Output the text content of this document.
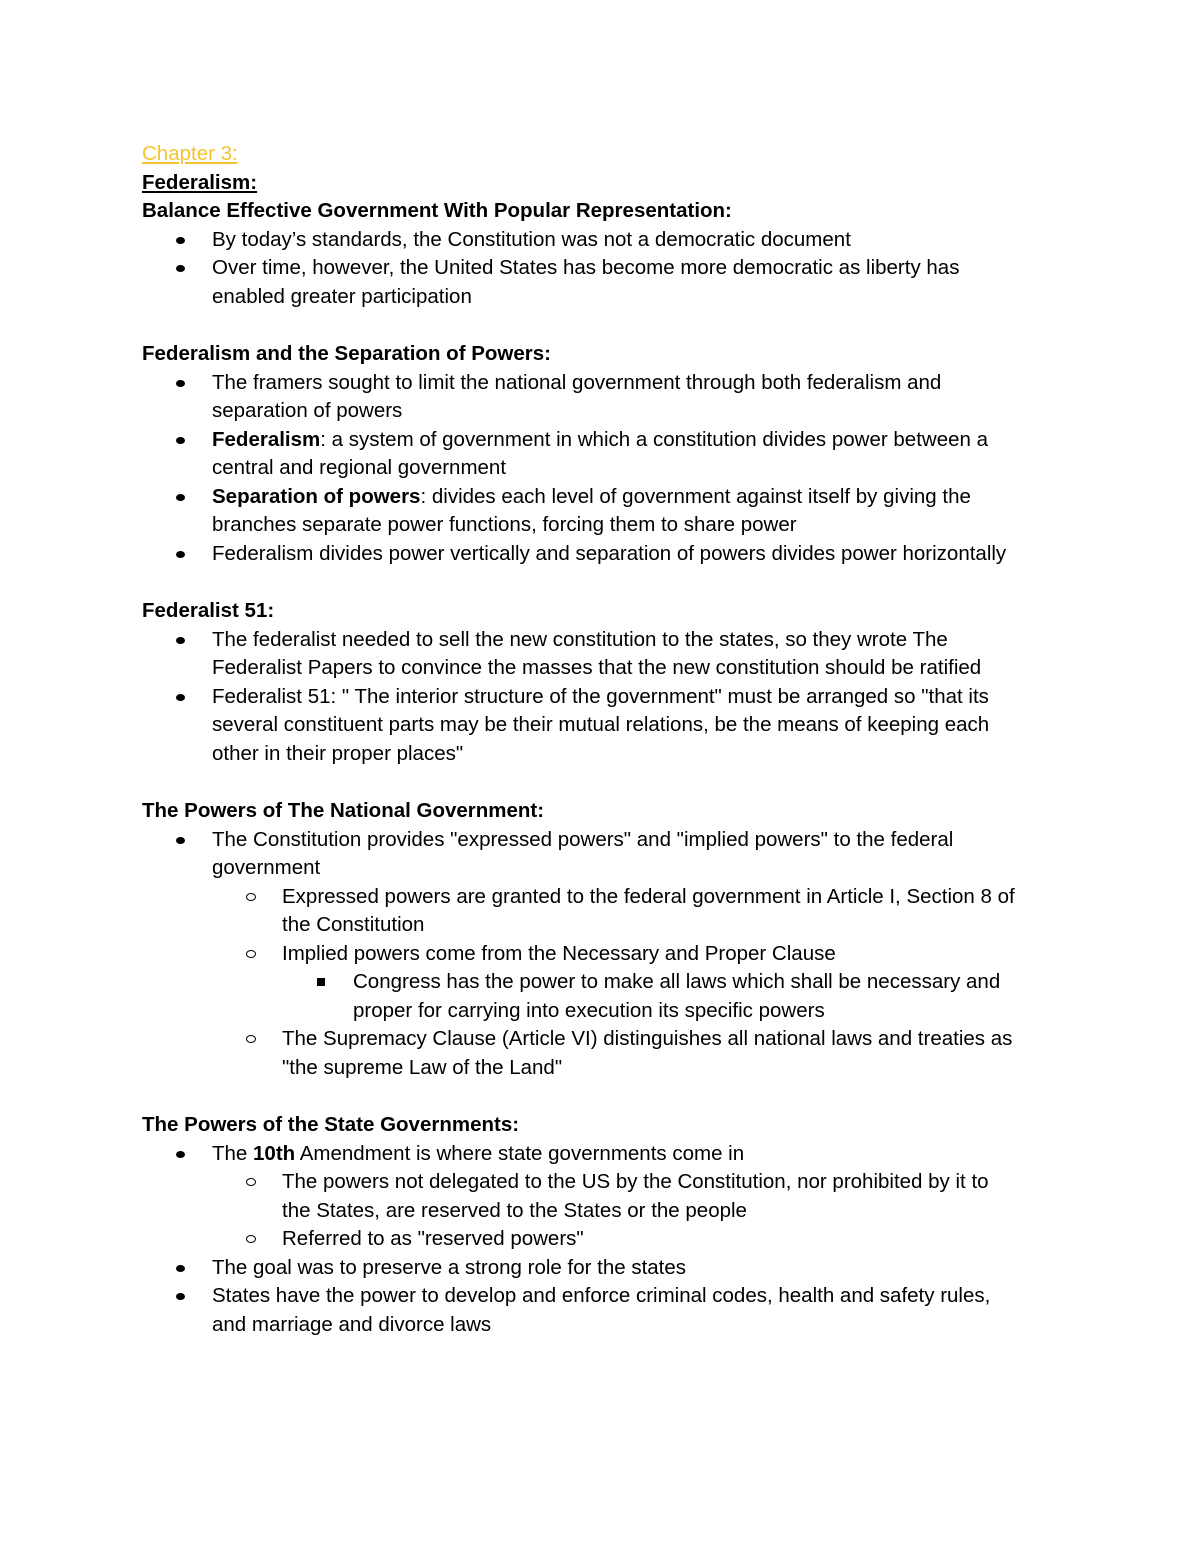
Chapter 3:
Federalism:
Balance Effective Government With Popular Representation:
By today’s standards, the Constitution was not a democratic document
Over time, however, the United States has become more democratic as liberty has
enabled greater participation
Federalism and the Separation of Powers:
The framers sought to limit the national government through both federalism and
separation of powers
Federalism: a system of government in which a constitution divides power between a
central and regional government
Separation of powers: divides each level of government against itself by giving the
branches separate power functions, forcing them to share power
Federalism divides power vertically and separation of powers divides power horizontally
Federalist 51:
The federalist needed to sell the new constitution to the states, so they wrote The
Federalist Papers to convince the masses that the new constitution should be ratified
Federalist 51: " The interior structure of the government" must be arranged so "that its
several constituent parts may be their mutual relations, be the means of keeping each
other in their proper places"
The Powers of The National Government:
The Constitution provides "expressed powers" and "implied powers" to the federal
government
Expressed powers are granted to the federal government in Article I, Section 8 of
the Constitution
Implied powers come from the Necessary and Proper Clause
Congress has the power to make all laws which shall be necessary and
proper for carrying into execution its specific powers
The Supremacy Clause (Article VI) distinguishes all national laws and treaties as
"the supreme Law of the Land"
The Powers of the State Governments:
The 10th Amendment is where state governments come in
The powers not delegated to the US by the Constitution, nor prohibited by it to
the States, are reserved to the States or the people
Referred to as "reserved powers"
The goal was to preserve a strong role for the states
States have the power to develop and enforce criminal codes, health and safety rules,
and marriage and divorce laws
